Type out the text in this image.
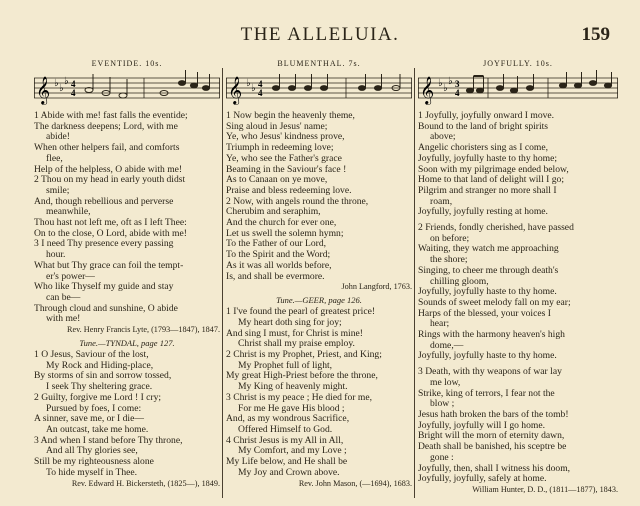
THE ALLELUIA.	159
EVENTIDE. 10s.
𝄞 ♭ ♭
♭ 4
4
1 Abide with me! fast falls the eventide;
The darkness deepens; Lord, with me
abide!
When other helpers fail, and comforts
flee,
Help of the helpless, O abide with me!
2 Thou on my head in early youth didst
smile;
And, though rebellious and perverse
meanwhile,
Thou hast not left me, oft as I left Thee:
On to the close, O Lord, abide with me!
3 I need Thy presence every passing
hour.
What but Thy grace can foil the tempt-
er's power—
Who like Thyself my guide and stay
can be—
Through cloud and sunshine, O abide
with me!
Rev. Henry Francis Lyte, (1793—1847), 1847.
Tune.—TYNDAL, page 127.
1 O Jesus, Saviour of the lost,
My Rock and Hiding-place,
By storms of sin and sorrow tossed,
I seek Thy sheltering grace.
2 Guilty, forgive me Lord ! I cry;
Pursued by foes, I come:
A sinner, save me, or I die—
An outcast, take me home.
3 And when I stand before Thy throne,
And all Thy glories see,
Still be my righteousness alone
To hide myself in Thee.
Rev. Edward H. Bickersteth, (1825—), 1849.
BLUMENTHAL. 7s.
𝄞 ♭ ♭ 4
4
1 Now begin the heavenly theme,
Sing aloud in Jesus' name;
Ye, who Jesus' kindness prove,
Triumph in redeeming love;
Ye, who see the Father's grace
Beaming in the Saviour's face !
As to Canaan on ye move,
Praise and bless redeeming love.
2 Now, with angels round the throne,
Cherubim and seraphim,
And the church for ever one,
Let us swell the solemn hymn;
To the Father of our Lord,
To the Spirit and the Word;
As it was all worlds before,
Is, and shall be evermore.
John Langford, 1763.
Tune.—GEER, page 126.
1 I've found the pearl of greatest price!
My heart doth sing for joy;
And sing I must, for Christ is mine!
Christ shall my praise employ.
2 Christ is my Prophet, Priest, and King;
My Prophet full of light,
My great High-Priest before the throne,
My King of heavenly might.
3 Christ is my peace ; He died for me,
For me He gave His blood ;
And, as my wondrous Sacrifice,
Offered Himself to God.
4 Christ Jesus is my All in All,
My Comfort, and my Love ;
My Life below, and He shall be
My Joy and Crown above.
Rev. John Mason, (—1694), 1683.
JOYFULLY. 10s.
𝄞 ♭ ♭
♭ 3
4
1 Joyfully, joyfully onward I move.
Bound to the land of bright spirits
above;
Angelic choristers sing as I come,
Joyfully, joyfully haste to thy home;
Soon with my pilgrimage ended below,
Home to that land of delight will I go;
Pilgrim and stranger no more shall I
roam,
Joyfully, joyfully resting at home.
2 Friends, fondly cherished, have passed
on before;
Waiting, they watch me approaching
the shore;
Singing, to cheer me through death's
chilling gloom,
Joyfully, joyfully haste to thy home.
Sounds of sweet melody fall on my ear;
Harps of the blessed, your voices I
hear;
Rings with the harmony heaven's high
dome,—
Joyfully, joyfully haste to thy home.
3 Death, with thy weapons of war lay
me low,
Strike, king of terrors, I fear not the
blow ;
Jesus hath broken the bars of the tomb!
Joyfully, joyfully will I go home.
Bright will the morn of eternity dawn,
Death shall be banished, his sceptre be
gone :
Joyfully, then, shall I witness his doom,
Joyfully, joyfully, safely at home.
William Hunter, D. D., (1811—1877), 1843.
